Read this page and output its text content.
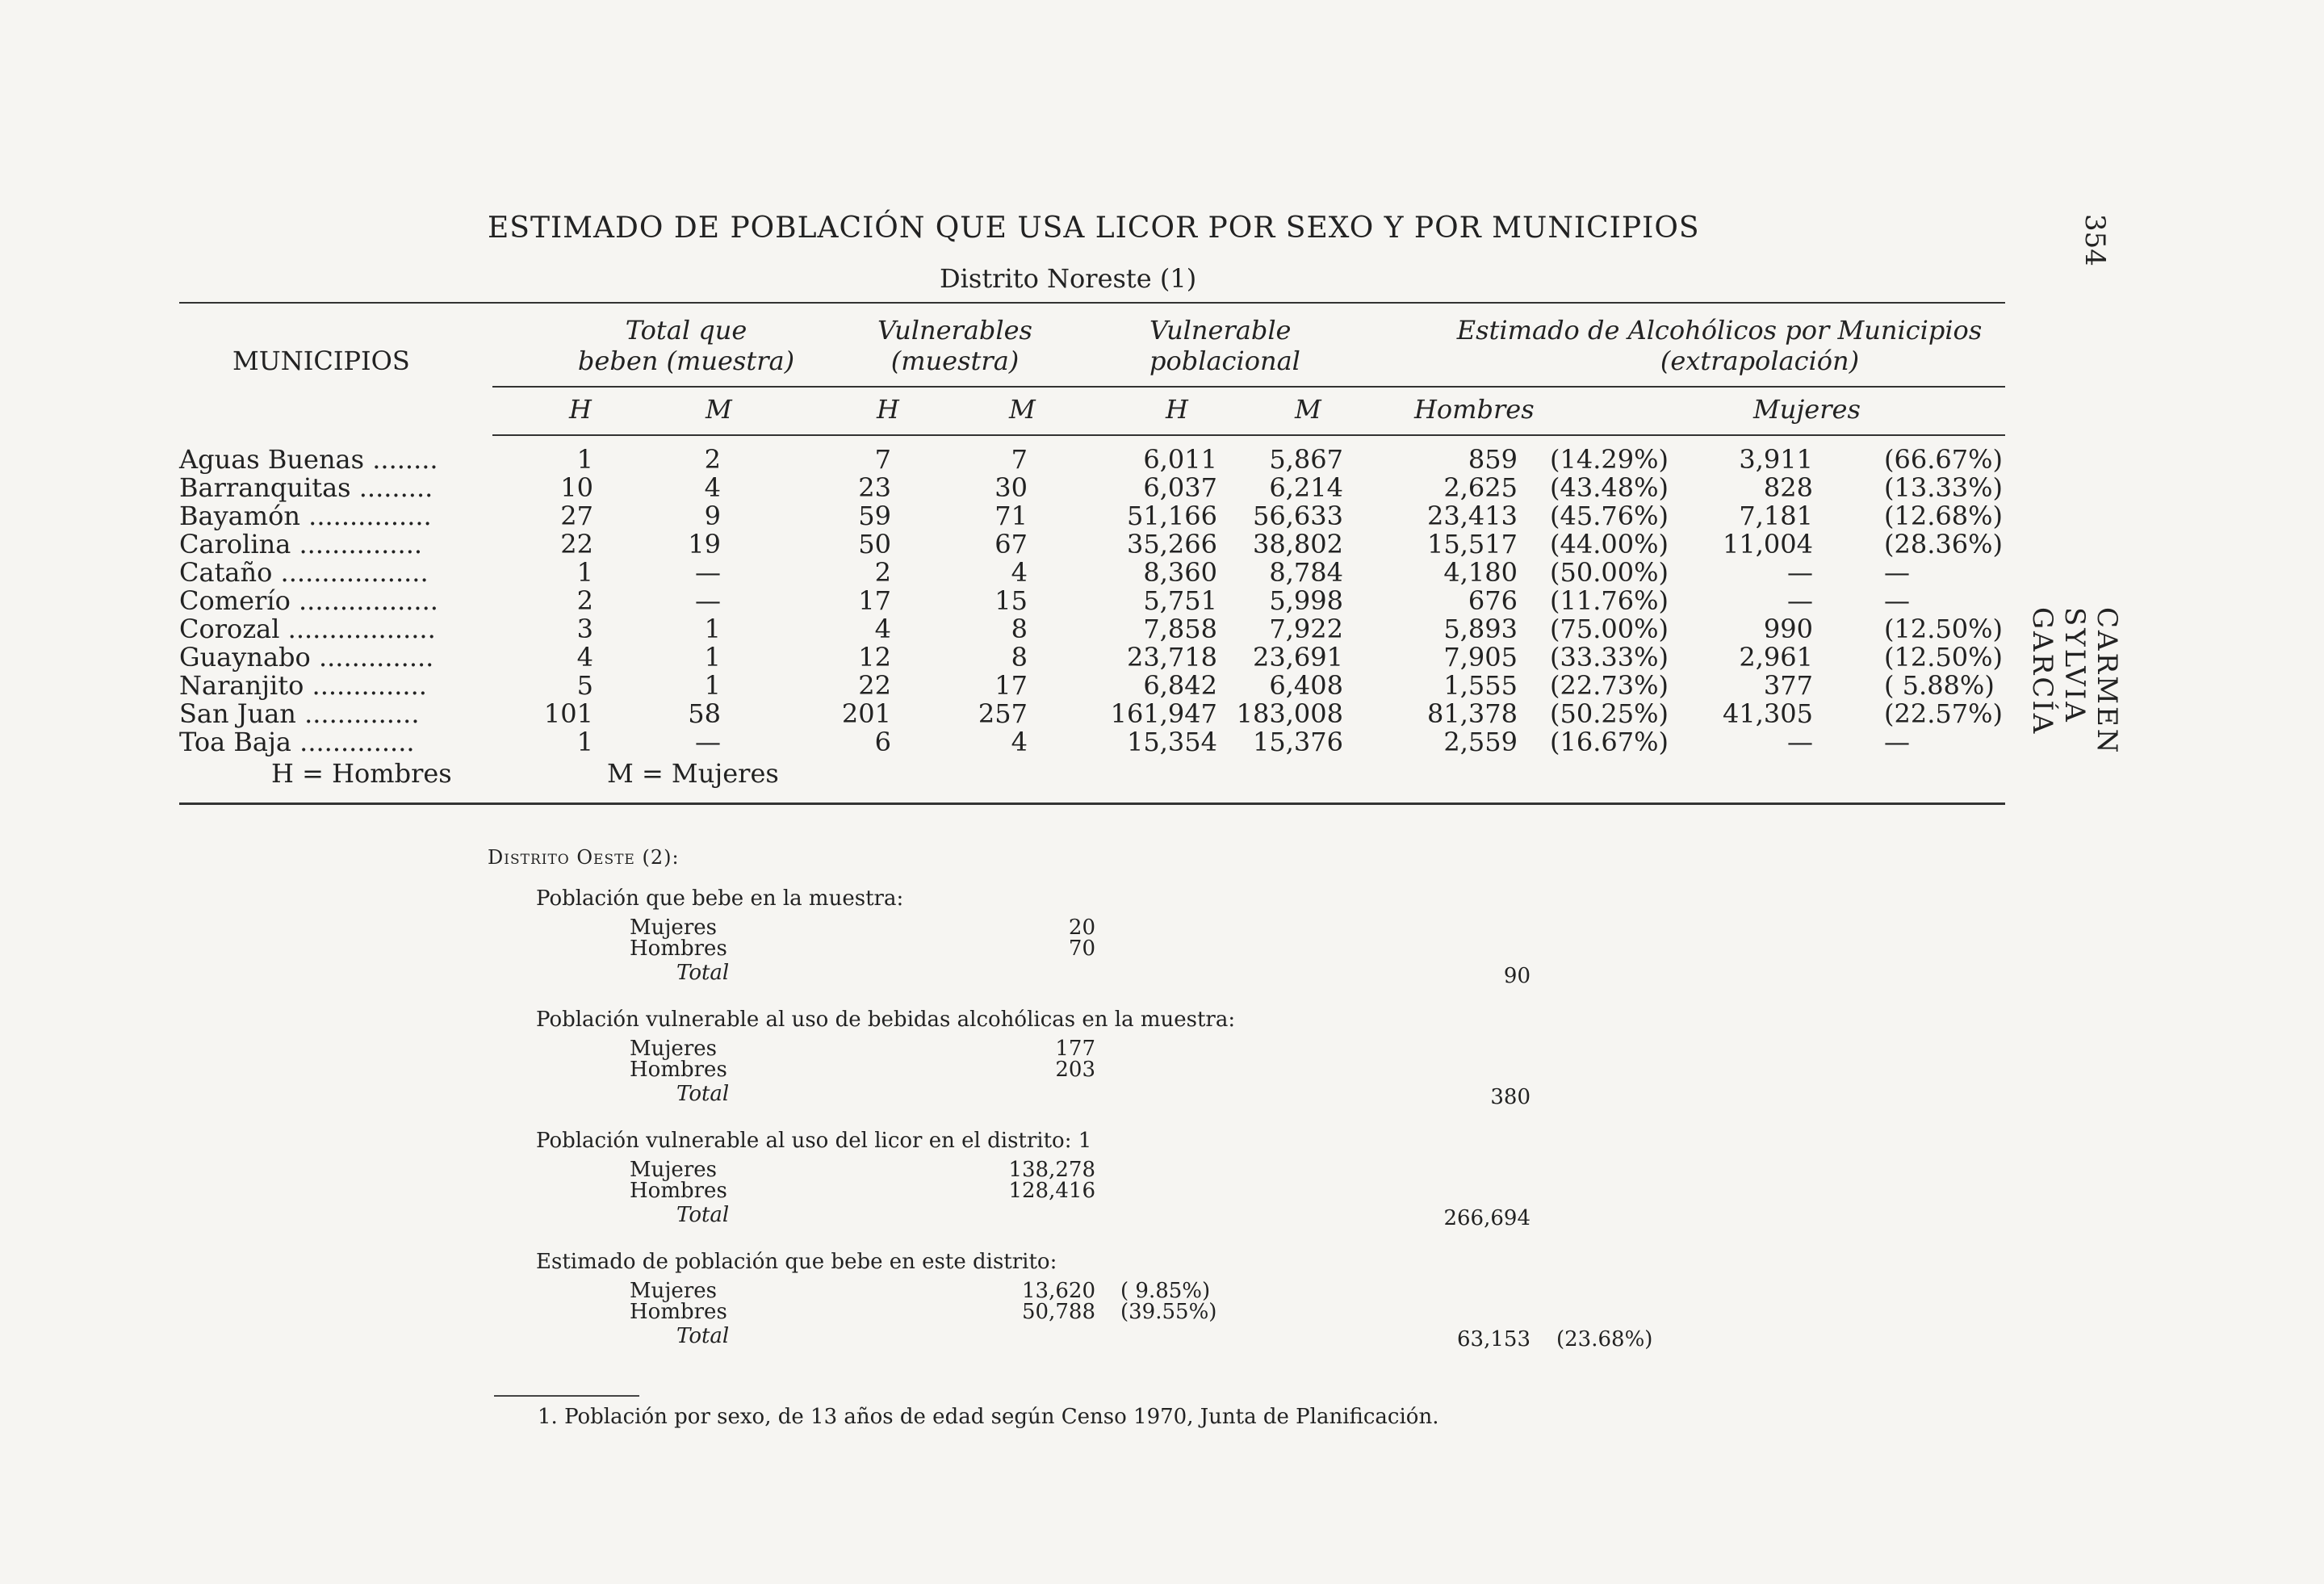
ESTIMADO DE POBLACIÓN QUE USA LICOR POR SEXO Y POR MUNICIPIOS
Distrito Noreste (1)
354
CARMEN SYLVIA GARCÍA
MUNICIPIOS
Total que
beben (muestra)
Vulnerables
(muestra)
Vulnerable
poblacional
Estimado de Alcohólicos por Municipios
(extrapolación)
H	M	H	M	H	M	Hombres	Mujeres
Aguas Buenas ........	1	2	7	7	6,011 5,867	859 (14.29%)	3,911	(66.67%)
Barranquitas .........	10	4	23	30	6,037 6,214	2,625 (43.48%)	828	(13.33%)
Bayamón ...............	27	9	59	71	51,166 56,633	23,413 (45.76%)	7,181	(12.68%)
Carolina ...............	22	19	50	67	35,266 38,802	15,517 (44.00%) 11,004	(28.36%)
Cataño ..................	1	—	2	4	8,360 8,784	4,180 (50.00%)	—	—
Comerío .................	2	—	17	15	5,751 5,998	676 (11.76%)	—	—
Corozal ..................	3	1	4	8	7,858 7,922	5,893 (75.00%)	990	(12.50%)
Guaynabo ..............	4	1	12	8	23,718 23,691	7,905 (33.33%)	2,961	(12.50%)
Naranjito ..............	5	1	22	17	6,842 6,408	1,555 (22.73%)	377	( 5.88%)
San Juan ..............	101	58	201	257	161,947 183,008	81,378 (50.25%) 41,305	(22.57%)
Toa Baja ..............	1	—	6	4	15,354 15,376	2,559 (16.67%)	—	—
H = Hombres	M = Mujeres
Distrito Oeste (2):
Población que bebe en la muestra:
Mujeres	20
Hombres	70
Total	90
Población vulnerable al uso de bebidas alcohólicas en la muestra:
Mujeres	177
Hombres	203
Total	380
Población vulnerable al uso del licor en el distrito: 1
Mujeres	138,278
Hombres	128,416
Total	266,694
Estimado de población que bebe en este distrito:
Mujeres	13,620 ( 9.85%)
Hombres	50,788 (39.55%)
Total	63,153 (23.68%)
1. Población por sexo, de 13 años de edad según Censo 1970, Junta de Planificación.
